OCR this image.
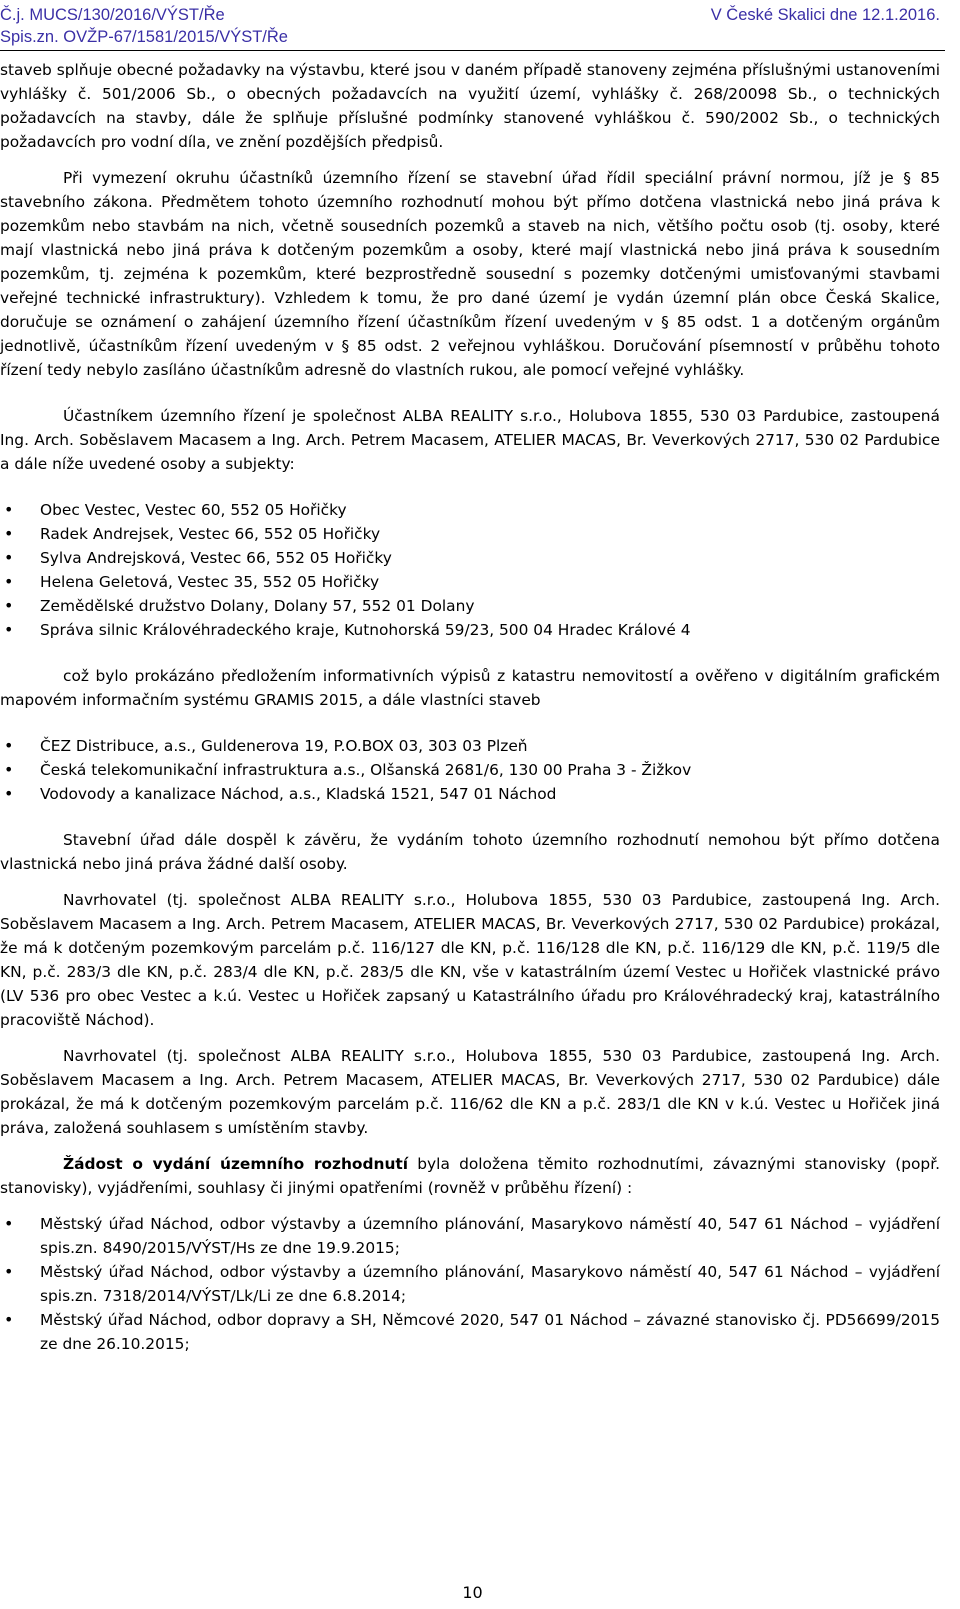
Č.j. MUCS/130/2016/VÝST/Ře	V České Skalici dne 12.1.2016.
Spis.zn. OVŽP-67/1581/2015/VÝST/Ře

staveb splňuje obecné požadavky na výstavbu, které jsou v daném případě stanoveny zejména příslušnými ustanoveními vyhlášky č. 501/2006 Sb., o obecných požadavcích na využití území, vyhlášky č. 268/20098 Sb., o technických požadavcích na stavby, dále že splňuje příslušné podmínky stanovené vyhláškou č. 590/2002 Sb., o technických požadavcích pro vodní díla, ve znění pozdějších předpisů.

Při vymezení okruhu účastníků územního řízení se stavební úřad řídil speciální právní normou, jíž je § 85 stavebního zákona. Předmětem tohoto územního rozhodnutí mohou být přímo dotčena vlastnická nebo jiná práva k pozemkům nebo stavbám na nich, včetně sousedních pozemků a staveb na nich, většího počtu osob (tj. osoby, které mají vlastnická nebo jiná práva k dotčeným pozemkům a osoby, které mají vlastnická nebo jiná práva k sousedním pozemkům, tj. zejména k pozemkům, které bezprostředně sousední s pozemky dotčenými umisťovanými stavbami veřejné technické infrastruktury). Vzhledem k tomu, že pro dané území je vydán územní plán obce Česká Skalice, doručuje se oznámení o zahájení územního řízení účastníkům řízení uvedeným v § 85 odst. 1 a dotčeným orgánům jednotlivě, účastníkům řízení uvedeným v § 85 odst. 2 veřejnou vyhláškou. Doručování písemností v průběhu tohoto řízení tedy nebylo zasíláno účastníkům adresně do vlastních rukou, ale pomocí veřejné vyhlášky.

Účastníkem územního řízení je společnost ALBA REALITY s.r.o., Holubova 1855, 530 03 Pardubice, zastoupená Ing. Arch. Soběslavem Macasem a Ing. Arch. Petrem Macasem, ATELIER MACAS, Br. Veverkových 2717, 530 02 Pardubice a dále níže uvedené osoby a subjekty:

• Obec Vestec, Vestec 60, 552 05 Hořičky
• Radek Andrejsek, Vestec 66, 552 05 Hořičky
• Sylva Andrejsková, Vestec 66, 552 05 Hořičky
• Helena Geletová, Vestec 35, 552 05 Hořičky
• Zemědělské družstvo Dolany, Dolany 57, 552 01 Dolany
• Správa silnic Královéhradeckého kraje, Kutnohorská 59/23, 500 04 Hradec Králové 4

což bylo prokázáno předložením informativních výpisů z katastru nemovitostí a ověřeno v digitálním grafickém mapovém informačním systému GRAMIS 2015, a dále vlastníci staveb

• ČEZ Distribuce, a.s., Guldenerova 19, P.O.BOX 03, 303 03 Plzeň
• Česká telekomunikační infrastruktura a.s., Olšanská 2681/6, 130 00 Praha 3 - Žižkov
• Vodovody a kanalizace Náchod, a.s., Kladská 1521, 547 01 Náchod

Stavební úřad dále dospěl k závěru, že vydáním tohoto územního rozhodnutí nemohou být přímo dotčena vlastnická nebo jiná práva žádné další osoby.

Navrhovatel (tj. společnost ALBA REALITY s.r.o., Holubova 1855, 530 03 Pardubice, zastoupená Ing. Arch. Soběslavem Macasem a Ing. Arch. Petrem Macasem, ATELIER MACAS, Br. Veverkových 2717, 530 02 Pardubice) prokázal, že má k dotčeným pozemkovým parcelám p.č. 116/127 dle KN, p.č. 116/128 dle KN, p.č. 116/129 dle KN, p.č. 119/5 dle KN, p.č. 283/3 dle KN, p.č. 283/4 dle KN, p.č. 283/5 dle KN, vše v katastrálním území Vestec u Hořiček vlastnické právo (LV 536 pro obec Vestec a k.ú. Vestec u Hořiček zapsaný u Katastrálního úřadu pro Královéhradecký kraj, katastrálního pracoviště Náchod).

Navrhovatel (tj. společnost ALBA REALITY s.r.o., Holubova 1855, 530 03 Pardubice, zastoupená Ing. Arch. Soběslavem Macasem a Ing. Arch. Petrem Macasem, ATELIER MACAS, Br. Veverkových 2717, 530 02 Pardubice) dále prokázal, že má k dotčeným pozemkovým parcelám p.č. 116/62 dle KN a p.č. 283/1 dle KN v k.ú. Vestec u Hořiček jiná práva, založená souhlasem s umístěním stavby.

Žádost o vydání územního rozhodnutí byla doložena těmito rozhodnutími, závaznými stanovisky (popř. stanovisky), vyjádřeními, souhlasy či jinými opatřeními (rovněž v průběhu řízení) :

• Městský úřad Náchod, odbor výstavby a územního plánování, Masarykovo náměstí 40, 547 61 Náchod – vyjádření spis.zn. 8490/2015/VÝST/Hs ze dne 19.9.2015;
• Městský úřad Náchod, odbor výstavby a územního plánování, Masarykovo náměstí 40, 547 61 Náchod – vyjádření spis.zn. 7318/2014/VÝST/Lk/Li ze dne 6.8.2014;
• Městský úřad Náchod, odbor dopravy a SH, Němcové 2020, 547 01 Náchod – závazné stanovisko čj. PD56699/2015 ze dne 26.10.2015;
10
